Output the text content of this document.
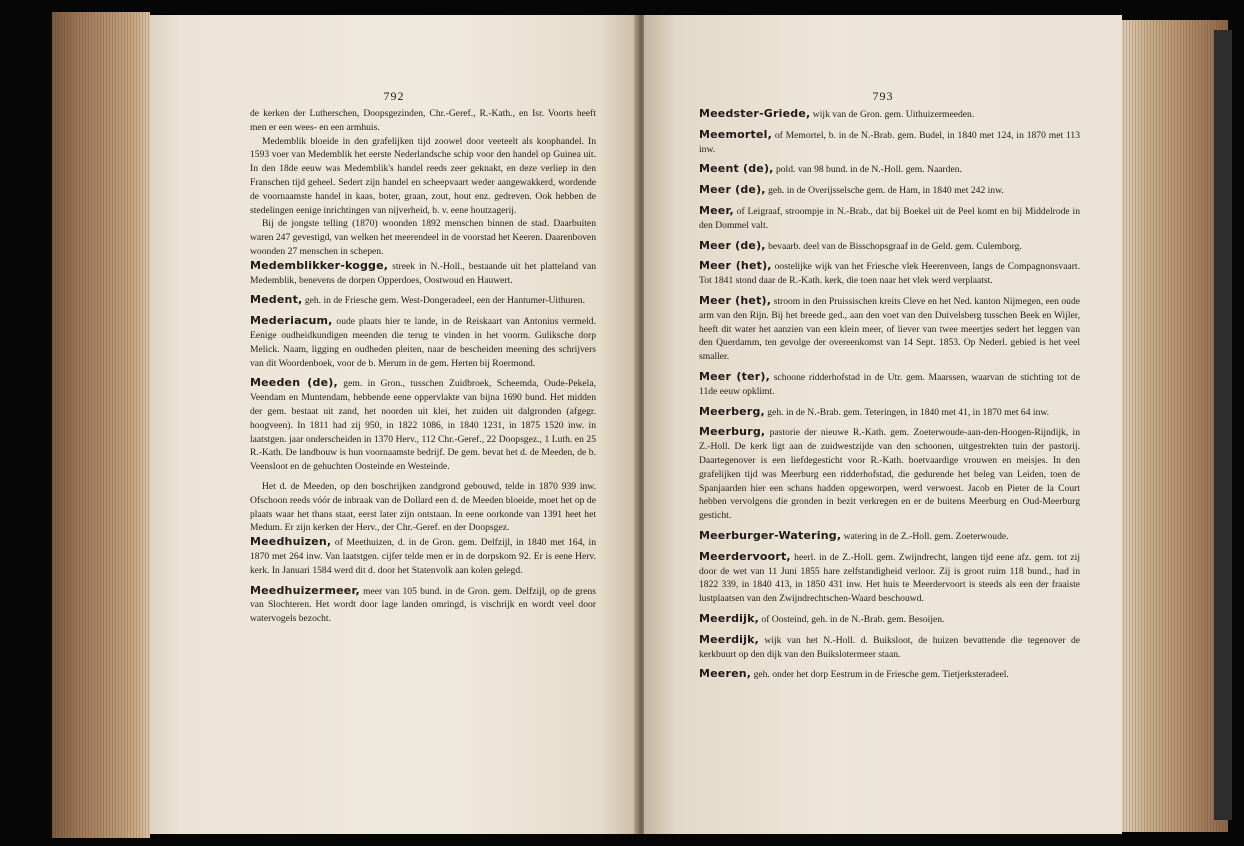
792

de kerken der Lutherschen, Doopsgezinden, Chr.-Geref., R.-Kath., en Isr. Voorts heeft men er een wees- en een armhuis.

Medemblik bloeide in den grafelijken tijd zoowel door veeteelt als koophandel. In 1593 voer van Medemblik het eerste Nederlandsche schip voor den handel op Guinea uit. In den 18de eeuw was Medemblik's handel reeds zeer geknakt, en deze verliep in den Franschen tijd geheel. Sedert zijn handel en scheepvaart weder aangewakkerd, wordende de voornaamste handel in kaas, boter, graan, zout, hout enz. gedreven. Ook hebben de stedelingen eenige inrichtingen van nijverheid, b. v. eene houtzagerij.

Bij de jongste telling (1870) woonden 1892 menschen binnen de stad. Daarbuiten waren 247 gevestigd, van welken het meerendeel in de voorstad het Keeren. Daarenboven woonden 27 menschen in schepen.

Medemblikker-kogge, streek in N.-Holl., bestaande uit het platteland van Medemblik, benevens de dorpen Opperdoes, Oostwoud en Hauwert.

Medent, geh. in de Friesche gem. West-Dongeradeel, een der Hantumer-Uithuren.

Mederiacum, oude plaats hier te lande, in de Reiskaart van Antonius vermeld. Eenige oudheidkundigen meenden die terug te vinden in het voorm. Guliksche dorp Melick. Naam, ligging en oudheden pleiten, naar de bescheiden meening des schrijvers van dit Woordenboek, voor de b. Merum in de gem. Herten bij Roermond.

Meeden (de), gem. in Gron., tusschen Zuidbroek, Scheemda, Oude-Pekela, Veendam en Muntendam, hebbende eene oppervlakte van bijna 1690 bund. Het midden der gem. bestaat uit zand, het noorden uit klei, het zuiden uit dalgronden (afgegr. hoogveen). In 1811 had zij 950, in 1822 1086, in 1840 1231, in 1875 1520 inw. in laatstgen. jaar onderscheiden in 1370 Herv., 112 Chr.-Geref., 22 Doopsgez., 1 Luth. en 25 R.-Kath. De landbouw is hun voornaamste bedrijf. De gem. bevat het d. de Meeden, de b. Veensloot en de gehuchten Oosteinde en Westeinde.

Het d. de Meeden, op den boschrijken zandgrond gebouwd, telde in 1870 939 inw. Ofschoon reeds vóór de inbraak van de Dollard een d. de Meeden bloeide, moet het op de plaats waar het thans staat, eerst later zijn ontstaan. In eene oorkonde van 1391 heet het Medum. Er zijn kerken der Herv., der Chr.-Geref. en der Doopsgez.

Meedhuizen, of Meethuizen, d. in de Gron. gem. Delfzijl, in 1840 met 164, in 1870 met 264 inw. Van laatstgen. cijfer telde men er in de dorpskom 92. Er is eene Herv. kerk. In Januari 1584 werd dit d. door het Statenvolk aan kolen gelegd.

Meedhuizermeer, meer van 105 bund. in de Gron. gem. Delfzijl, op de grens van Slochteren. Het wordt door lage landen omringd, is vischrijk en wordt veel door watervogels bezocht.

793

Meedster-Griede, wijk van de Gron. gem. Uithuizermeeden.

Meemortel, of Memortel, b. in de N.-Brab. gem. Budel, in 1840 met 124, in 1870 met 113 inw.

Meent (de), pold. van 98 bund. in de N.-Holl. gem. Naarden.

Meer (de), geh. in de Overijsselsche gem. de Ham, in 1840 met 242 inw.

Meer, of Leigraaf, stroompje in N.-Brab., dat bij Boekel uit de Peel komt en bij Middelrode in den Dommel valt.

Meer (de), bevaarb. deel van de Bisschopsgraaf in de Geld. gem. Culemborg.

Meer (het), oostelijke wijk van het Friesche vlek Heerenveen, langs de Compagnonsvaart. Tot 1841 stond daar de R.-Kath. kerk, die toen naar het vlek werd verplaatst.

Meer (het), stroom in den Pruissischen kreits Cleve en het Ned. kanton Nijmegen, een oude arm van den Rijn. Bij het breede ged., aan den voet van den Duivelsberg tusschen Beek en Wijler, heeft dit water het aanzien van een klein meer, of liever van twee meertjes sedert het leggen van den Querdamm, ten gevolge der overeenkomst van 14 Sept. 1853. Op Nederl. gebied is het veel smaller.

Meer (ter), schoone ridderhofstad in de Utr. gem. Maarssen, waarvan de stichting tot de 11de eeuw opklimt.

Meerberg, geh. in de N.-Brab. gem. Teteringen, in 1840 met 41, in 1870 met 64 inw.

Meerburg, pastorie der nieuwe R.-Kath. gem. Zoeterwoude-aan-den-Hoogen-Rijndijk, in Z.-Holl. De kerk ligt aan de zuidwestzijde van den schoonen, uitgestrekten tuin der pastorij. Daartegenover is een liefdegesticht voor R.-Kath. boetvaardige vrouwen en meisjes. In den grafelijken tijd was Meerburg een ridderhofstad, die gedurende het beleg van Leiden, toen de Spanjaarden hier een schans hadden opgeworpen, werd verwoest. Jacob en Pieter de la Court hebben vervolgens die gronden in bezit verkregen en er de buitens Meerburg en Oud-Meerburg gesticht.

Meerburger-Watering, watering in de Z.-Holl. gem. Zoeterwoude.

Meerdervoort, heerl. in de Z.-Holl. gem. Zwijndrecht, langen tijd eene afz. gem. tot zij door de wet van 11 Juni 1855 hare zelfstandigheid verloor. Zij is groot ruim 118 bund., had in 1822 339, in 1840 413, in 1850 431 inw. Het huis te Meerdervoort is steeds als een der fraaiste lustplaatsen van den Zwijndrechtschen-Waard beschouwd.

Meerdijk, of Oosteind, geh. in de N.-Brab. gem. Besoijen.

Meerdijk, wijk van het N.-Holl. d. Buiksloot, de huizen bevattende die tegenover de kerkbuurt op den dijk van den Buikslotermeer staan.

Meeren, geh. onder het dorp Eestrum in de Friesche gem. Tietjerksteradeel.
